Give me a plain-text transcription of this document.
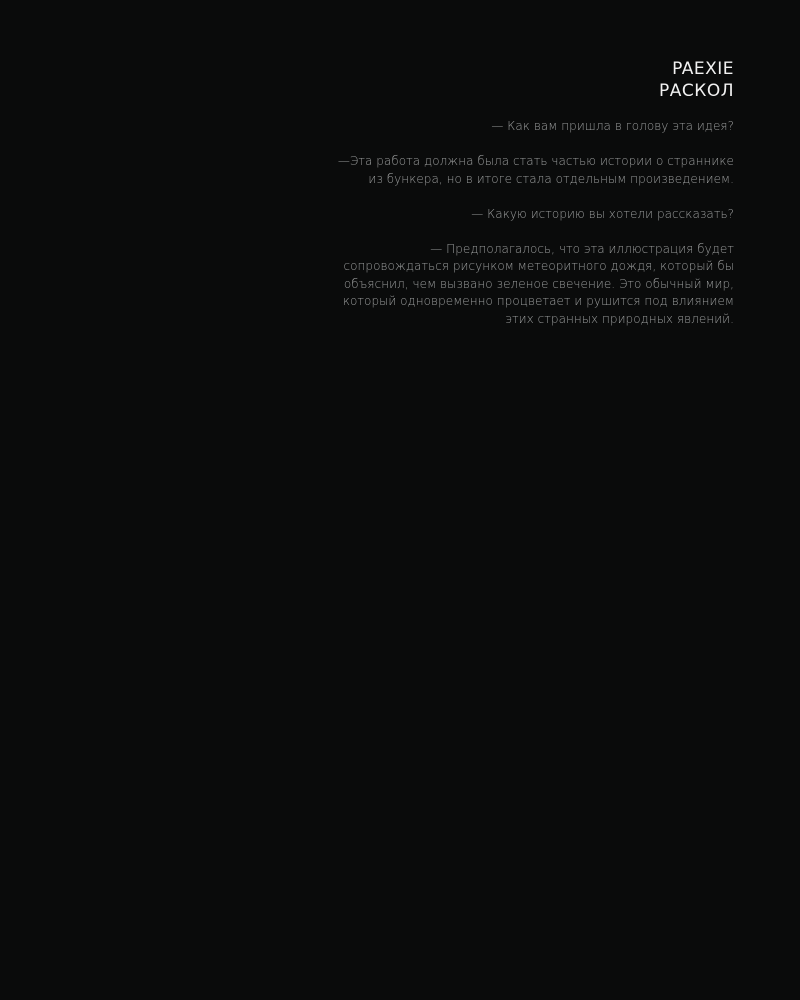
PAEXIE
РАСКОЛ

— Как вам пришла в голову эта идея?

—Эта работа должна была стать частью истории о страннике
из бункера, но в итоге стала отдельным произведением.

— Какую историю вы хотели рассказать?

— Предполагалось, что эта иллюстрация будет
сопровождаться рисунком метеоритного дождя, который бы
объяснил, чем вызвано зеленое свечение. Это обычный мир,
который одновременно процветает и рушится под влиянием
этих странных природных явлений.
